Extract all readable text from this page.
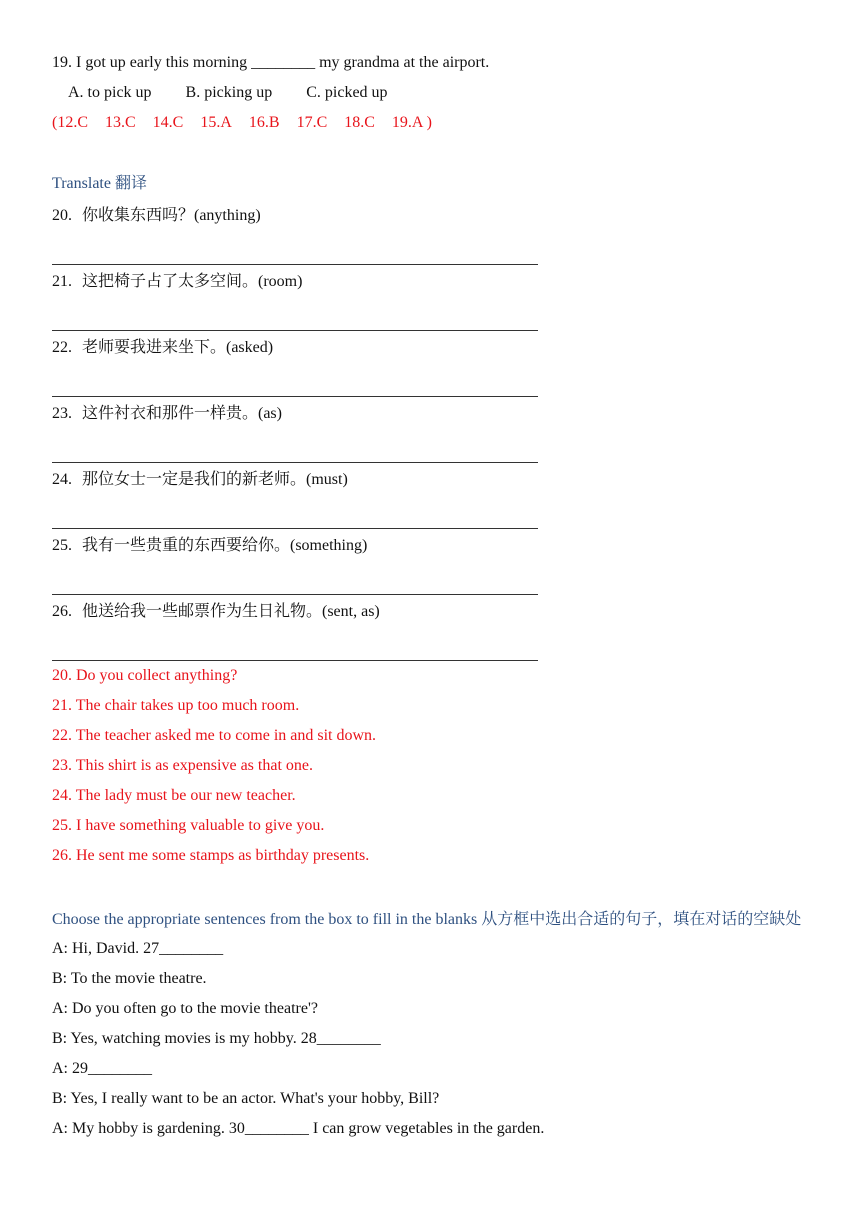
19. I got up early this morning ________ my grandma at the airport.
A. to pick up B. picking up C. picked up
(12.C 13.C 14.C 15.A 16.B 17.C 18.C 19.A )
Translate 翻译
20. 你收集东西吗？(anything)
21. 这把椅子占了太多空间。(room)
22. 老师要我进来坐下。(asked)
23. 这件衬衣和那件一样贵。(as)
24. 那位女士一定是我们的新老师。(must)
25. 我有一些贵重的东西要给你。(something)
26. 他送给我一些邮票作为生日礼物。(sent, as)
20. Do you collect anything?
21. The chair takes up too much room.
22. The teacher asked me to come in and sit down.
23. This shirt is as expensive as that one.
24. The lady must be our new teacher.
25. I have something valuable to give you.
26. He sent me some stamps as birthday presents.
Choose the appropriate sentences from the box to fill in the blanks 从方框中选出合适的句子，填在对话的空缺处
A: Hi, David. 27________
B: To the movie theatre.
A: Do you often go to the movie theatre'?
B: Yes, watching movies is my hobby. 28________
A: 29________
B: Yes, I really want to be an actor. What's your hobby, Bill?
A: My hobby is gardening. 30________ I can grow vegetables in the garden.
